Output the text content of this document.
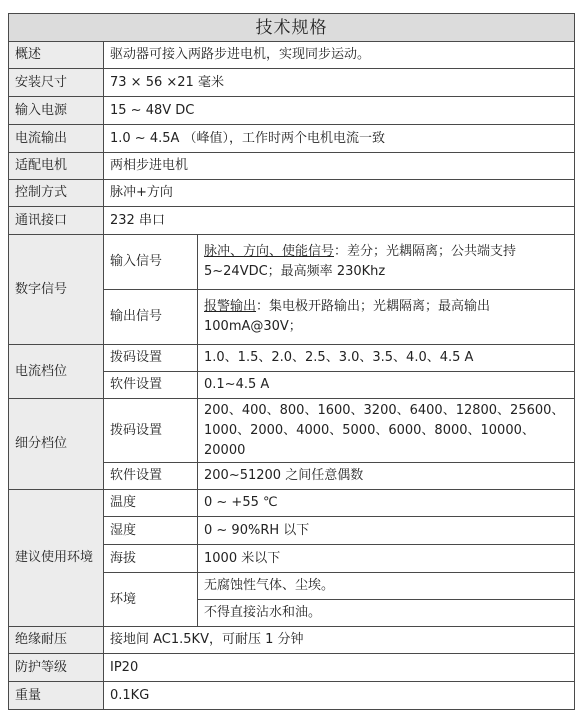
技术规格		
概述	驱动器可接入两路步进电机，实现同步运动。	
安装尺寸	73 × 56 ×21 毫米	
输入电源	15 ~ 48V DC	
电流输出	1.0 ~ 4.5A （峰值），工作时两个电机电流一致	
适配电机	两相步进电机	
控制方式	脉冲+方向	
通讯接口	232 串口	
数字信号	输入信号	脉冲、方向、使能信号：差分；光耦隔离；公共端支持 5~24VDC；最高频率 230Khz
	输出信号	报警输出：集电极开路输出；光耦隔离；最高输出 100mA@30V；
电流档位	拨码设置	1.0、1.5、2.0、2.5、3.0、3.5、4.0、4.5 A
	软件设置	0.1~4.5 A
细分档位	拨码设置	200、400、800、1600、3200、6400、12800、25600、1000、2000、4000、5000、6000、8000、10000、20000
	软件设置	200~51200 之间任意偶数
建议使用环境	温度	0 ~ +55 ℃
	湿度	0 ~ 90%RH 以下
	海拔	1000 米以下
	环境	无腐蚀性气体、尘埃。
		不得直接沾水和油。
绝缘耐压	接地间 AC1.5KV，可耐压 1 分钟	
防护等级	IP20	
重量	0.1KG	
